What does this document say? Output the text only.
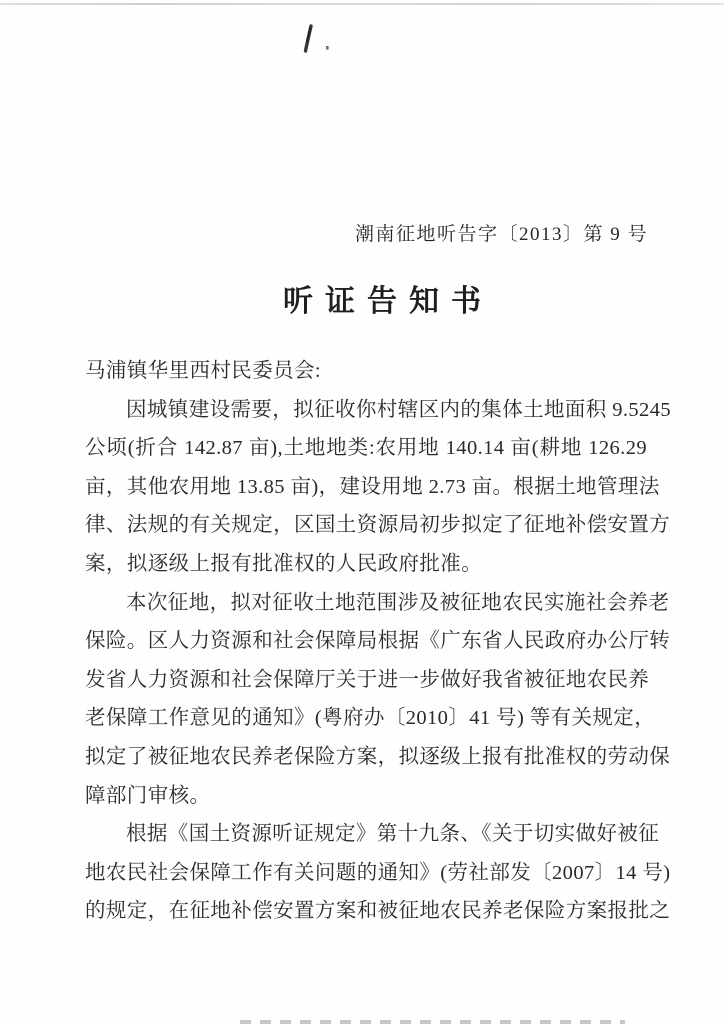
潮南征地听告字〔2013〕第 9 号
听证告知书
马浦镇华里西村民委员会:
因城镇建设需要，拟征收你村辖区内的集体土地面积 9.5245
公顷(折合 142.87 亩),土地地类:农用地 140.14 亩(耕地 126.29
亩，其他农用地 13.85 亩)，建设用地 2.73 亩。根据土地管理法
律、法规的有关规定，区国土资源局初步拟定了征地补偿安置方
案，拟逐级上报有批准权的人民政府批准。
本次征地，拟对征收土地范围涉及被征地农民实施社会养老
保险。区人力资源和社会保障局根据《广东省人民政府办公厅转
发省人力资源和社会保障厅关于进一步做好我省被征地农民养
老保障工作意见的通知》(粤府办〔2010〕41 号) 等有关规定，
拟定了被征地农民养老保险方案，拟逐级上报有批准权的劳动保
障部门审核。
根据《国土资源听证规定》第十九条、《关于切实做好被征
地农民社会保障工作有关问题的通知》(劳社部发〔2007〕14 号)
的规定，在征地补偿安置方案和被征地农民养老保险方案报批之
